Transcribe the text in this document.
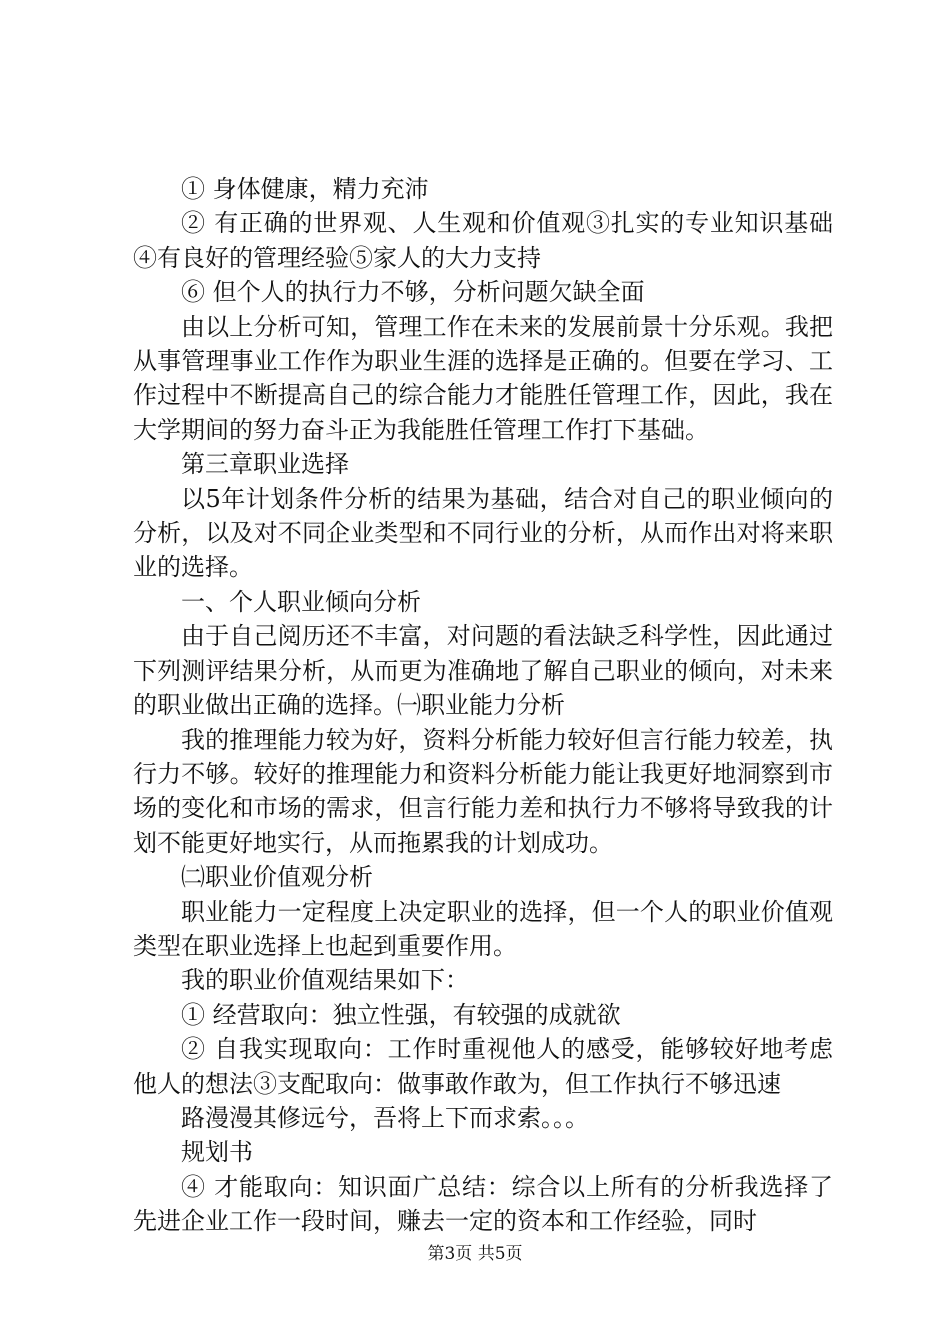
① 身体健康，精力充沛

② 有正确的世界观、人生观和价值观③扎实的专业知识基础④有良好的管理经验⑤家人的大力支持

⑥ 但个人的执行力不够，分析问题欠缺全面

由以上分析可知，管理工作在未来的发展前景十分乐观。我把从事管理事业工作作为职业生涯的选择是正确的。但要在学习、工作过程中不断提高自己的综合能力才能胜任管理工作，因此，我在大学期间的努力奋斗正为我能胜任管理工作打下基础。

第三章职业选择

以5年计划条件分析的结果为基础，结合对自己的职业倾向的分析，以及对不同企业类型和不同行业的分析，从而作出对将来职业的选择。

一、个人职业倾向分析

由于自己阅历还不丰富，对问题的看法缺乏科学性，因此通过下列测评结果分析，从而更为准确地了解自己职业的倾向，对未来的职业做出正确的选择。㈠职业能力分析

我的推理能力较为好，资料分析能力较好但言行能力较差，执行力不够。较好的推理能力和资料分析能力能让我更好地洞察到市场的变化和市场的需求，但言行能力差和执行力不够将导致我的计划不能更好地实行，从而拖累我的计划成功。

㈡职业价值观分析

职业能力一定程度上决定职业的选择，但一个人的职业价值观类型在职业选择上也起到重要作用。

我的职业价值观结果如下：

① 经营取向：独立性强，有较强的成就欲

② 自我实现取向：工作时重视他人的感受，能够较好地考虑他人的想法③支配取向：做事敢作敢为，但工作执行不够迅速

路漫漫其修远兮，吾将上下而求索。。。

规划书

④ 才能取向：知识面广总结：综合以上所有的分析我选择了先进企业工作一段时间，赚去一定的资本和工作经验，同时

第3页 共5页
